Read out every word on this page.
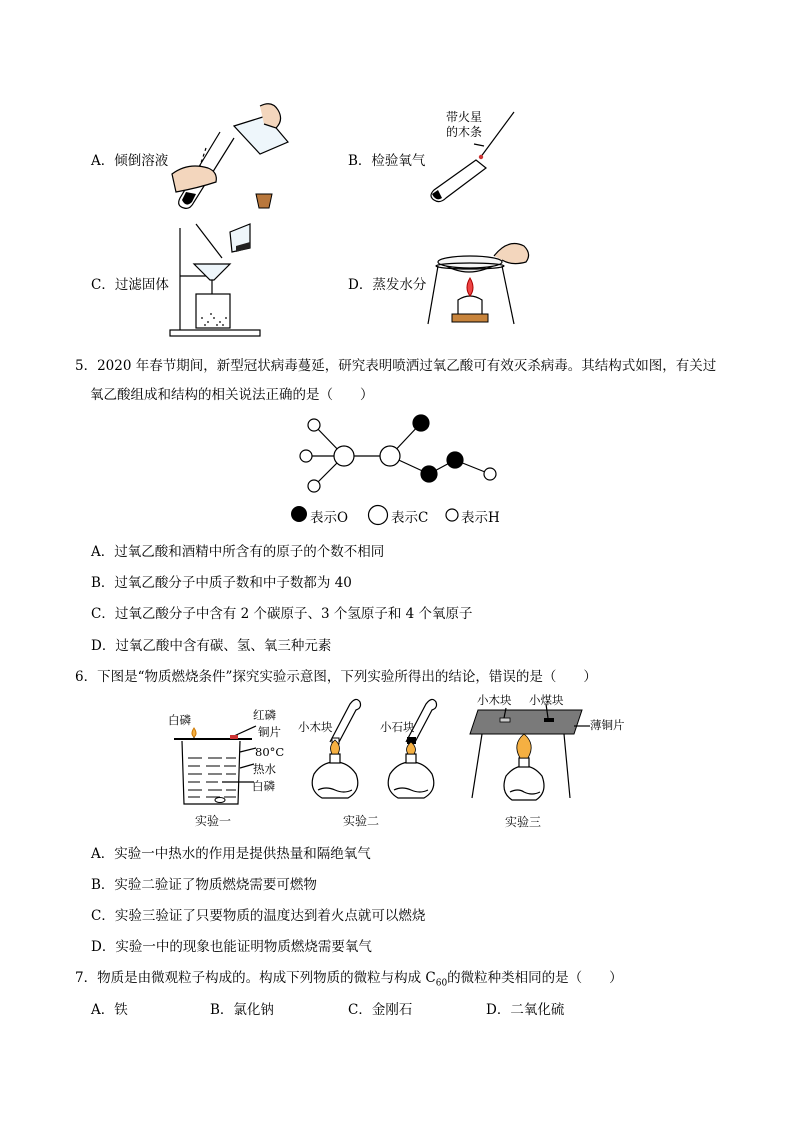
A．倾倒溶液
带火星
的木条
B．检验氧气
C．过滤固体	D．蒸发水分
5．2020 年春节期间，新型冠状病毒蔓延，研究表明喷洒过氧乙酸可有效灭杀病毒。其结构式如图，有关过
氧乙酸组成和结构的相关说法正确的是（　　）
表示O	表示C 表示H
A．过氧乙酸和酒精中所含有的原子的个数不相同
B．过氧乙酸分子中质子数和中子数都为 40
C．过氧乙酸分子中含有 2 个碳原子、3 个氢原子和 4 个氧原子
D．过氧乙酸中含有碳、氢、氧三种元素
6．下图是“物质燃烧条件”探究实验示意图，下列实验所得出的结论，错误的是（　　）
白磷	红磷
铜片
80°C
热水
白磷
实验一
小木块	小石块
实验二
小木块 小煤块
薄铜片
实验三
A．实验一中热水的作用是提供热量和隔绝氧气
B．实验二验证了物质燃烧需要可燃物
C．实验三验证了只要物质的温度达到着火点就可以燃烧
D．实验一中的现象也能证明物质燃烧需要氧气
7．物质是由微观粒子构成的。构成下列物质的微粒与构成 $C_{60}$的微粒种类相同的是（　　）
A．铁	B．氯化钠	C．金刚石	D．二氧化硫
